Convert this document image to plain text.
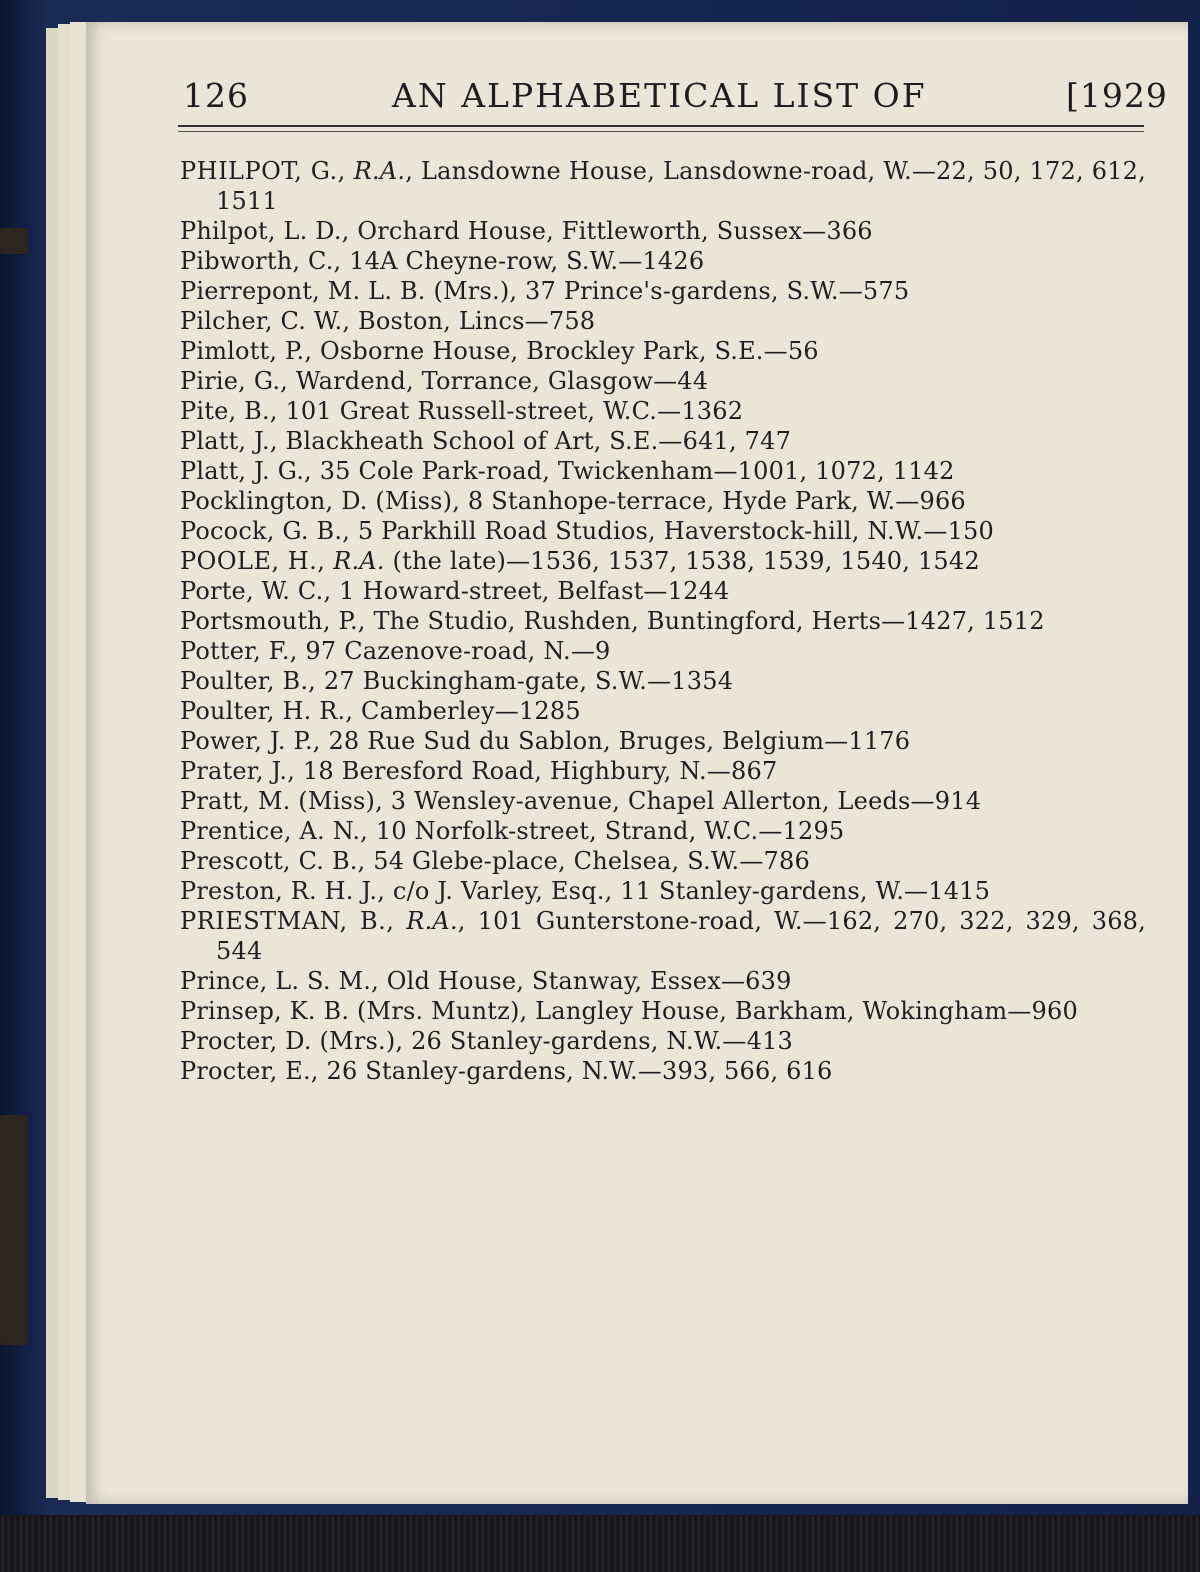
126	AN ALPHABETICAL LIST OF	[1929
PHILPOT, G., R.A., Lansdowne House, Lansdowne-road, W.—22, 50, 172, 612, 1511
Philpot, L. D., Orchard House, Fittleworth, Sussex—366
Pibworth, C., 14A Cheyne-row, S.W.—1426
Pierrepont, M. L. B. (Mrs.), 37 Prince's-gardens, S.W.—575
Pilcher, C. W., Boston, Lincs—758
Pimlott, P., Osborne House, Brockley Park, S.E.—56
Pirie, G., Wardend, Torrance, Glasgow—44
Pite, B., 101 Great Russell-street, W.C.—1362
Platt, J., Blackheath School of Art, S.E.—641, 747
Platt, J. G., 35 Cole Park-road, Twickenham—1001, 1072, 1142
Pocklington, D. (Miss), 8 Stanhope-terrace, Hyde Park, W.—966
Pocock, G. B., 5 Parkhill Road Studios, Haverstock-hill, N.W.—150
POOLE, H., R.A. (the late)—1536, 1537, 1538, 1539, 1540, 1542
Porte, W. C., 1 Howard-street, Belfast—1244
Portsmouth, P., The Studio, Rushden, Buntingford, Herts—1427, 1512
Potter, F., 97 Cazenove-road, N.—9
Poulter, B., 27 Buckingham-gate, S.W.—1354
Poulter, H. R., Camberley—1285
Power, J. P., 28 Rue Sud du Sablon, Bruges, Belgium—1176
Prater, J., 18 Beresford Road, Highbury, N.—867
Pratt, M. (Miss), 3 Wensley-avenue, Chapel Allerton, Leeds—914
Prentice, A. N., 10 Norfolk-street, Strand, W.C.—1295
Prescott, C. B., 54 Glebe-place, Chelsea, S.W.—786
Preston, R. H. J., c/o J. Varley, Esq., 11 Stanley-gardens, W.—1415
PRIESTMAN, B., R.A., 101 Gunterstone-road, W.—162, 270, 322, 329, 368, 544
Prince, L. S. M., Old House, Stanway, Essex—639
Prinsep, K. B. (Mrs. Muntz), Langley House, Barkham, Wokingham—960
Procter, D. (Mrs.), 26 Stanley-gardens, N.W.—413
Procter, E., 26 Stanley-gardens, N.W.—393, 566, 616
